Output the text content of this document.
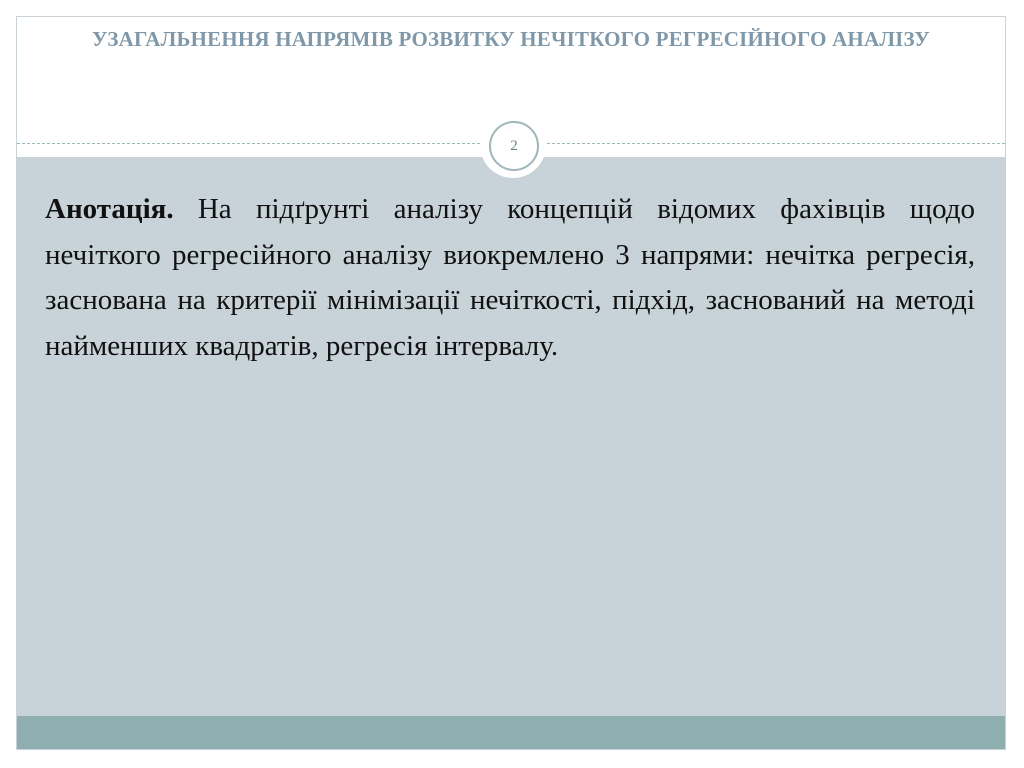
УЗАГАЛЬНЕННЯ НАПРЯМІВ РОЗВИТКУ НЕЧІТКОГО РЕГРЕСІЙНОГО АНАЛІЗУ
2

Анотація. На підґрунті аналізу концепцій відомих фахівців щодо нечіткого регресійного аналізу виокремлено 3 напрями: нечітка регресія, заснована на критерії мінімізації нечіткості, підхід, заснований на методі найменших квадратів, регресія інтервалу.
